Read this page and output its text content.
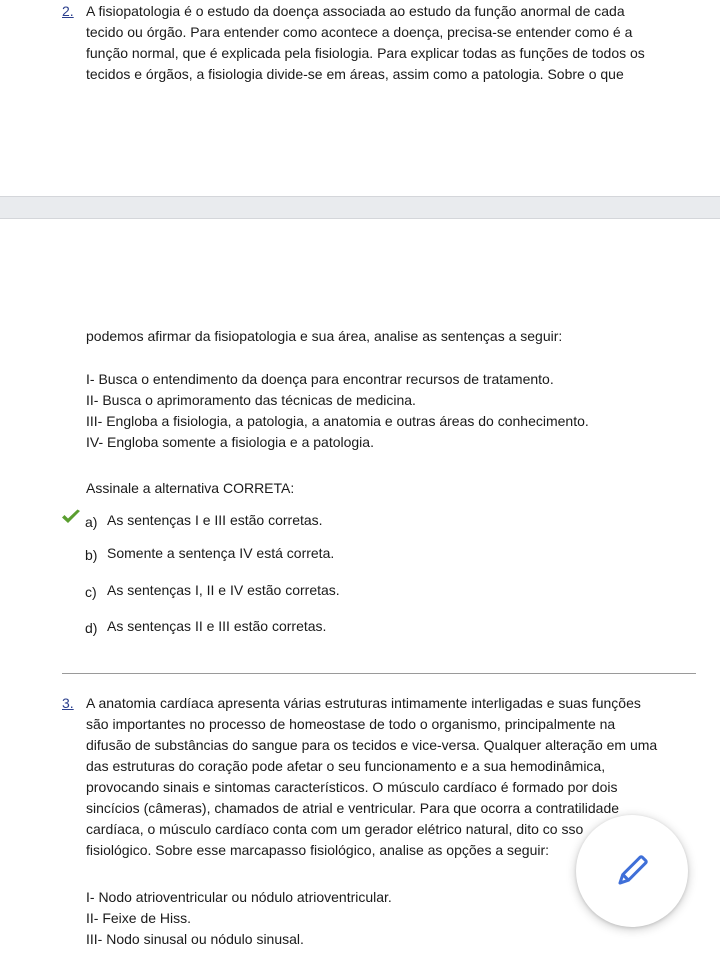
2. A fisiopatologia é o estudo da doença associada ao estudo da função anormal de cada
tecido ou órgão. Para entender como acontece a doença, precisa-se entender como é a
função normal, que é explicada pela fisiologia. Para explicar todas as funções de todos os
tecidos e órgãos, a fisiologia divide-se em áreas, assim como a patologia. Sobre o que
podemos afirmar da fisiopatologia e sua área, analise as sentenças a seguir:
I- Busca o entendimento da doença para encontrar recursos de tratamento.
II- Busca o aprimoramento das técnicas de medicina.
III- Engloba a fisiologia, a patologia, a anatomia e outras áreas do conhecimento.
IV- Engloba somente a fisiologia e a patologia.
Assinale a alternativa CORRETA:
a) As sentenças I e III estão corretas.
b) Somente a sentença IV está correta.
c) As sentenças I, II e IV estão corretas.
d) As sentenças II e III estão corretas.
3. A anatomia cardíaca apresenta várias estruturas intimamente interligadas e suas funções
são importantes no processo de homeostase de todo o organismo, principalmente na
difusão de substâncias do sangue para os tecidos e vice-versa. Qualquer alteração em uma
das estruturas do coração pode afetar o seu funcionamento e a sua hemodinâmica,
provocando sinais e sintomas característicos. O músculo cardíaco é formado por dois
sincícios (câmeras), chamados de atrial e ventricular. Para que ocorra a contratilidade
cardíaca, o músculo cardíaco conta com um gerador elétrico natural, dito co sso
fisiológico. Sobre esse marcapasso fisiológico, analise as opções a seguir:
I- Nodo atrioventricular ou nódulo atrioventricular.
II- Feixe de Hiss.
III- Nodo sinusal ou nódulo sinusal.
